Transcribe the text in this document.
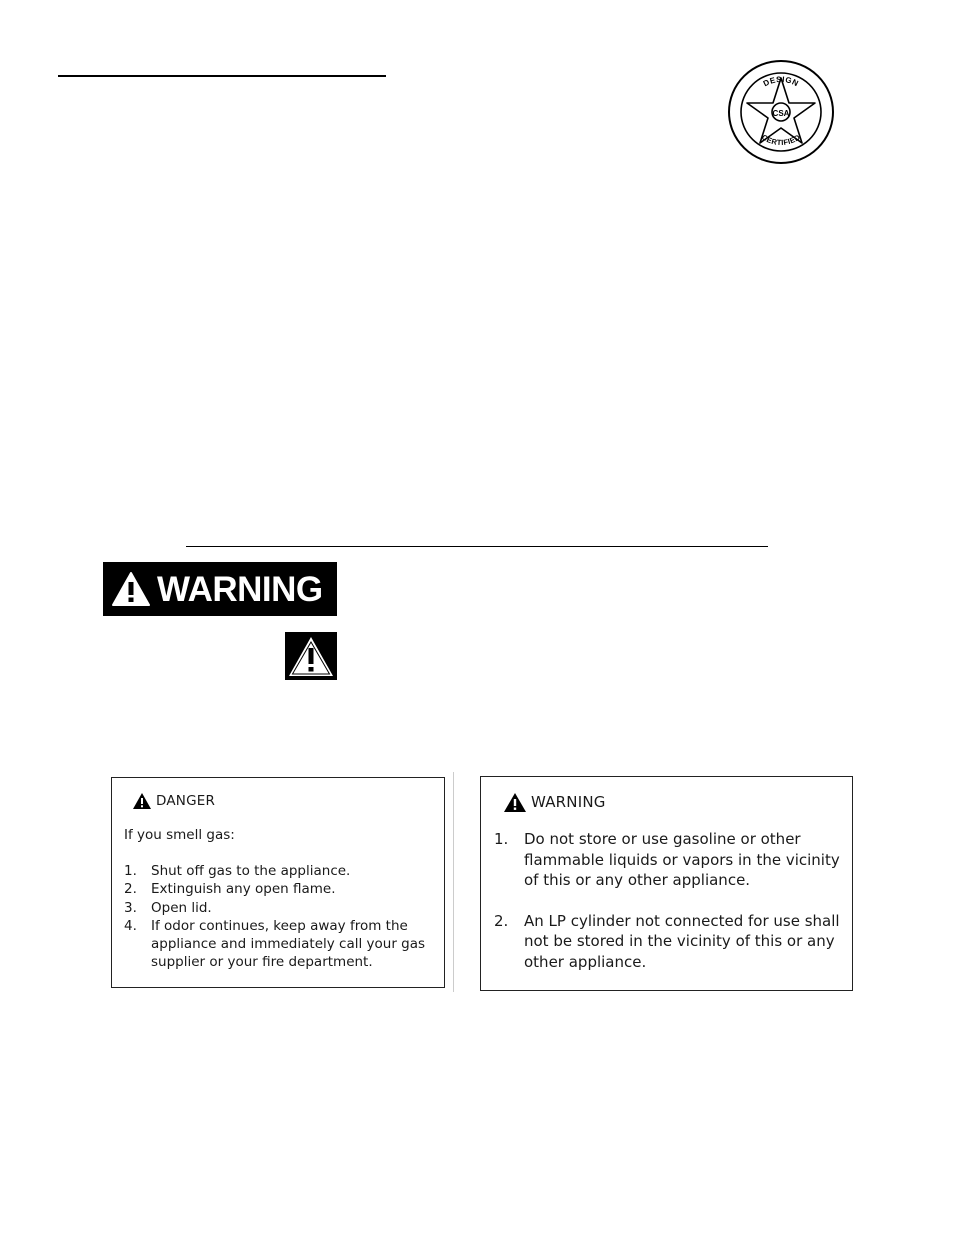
CSA
DESIGN
CERTIFIED
WARNING
DANGER
If you smell gas:
1.	Shut off gas to the appliance.
2.	Extinguish any open flame.
3.	Open lid.
4.	If odor continues, keep away from the appliance and immediately call your gas supplier or your fire department.
WARNING
1.	Do not store or use gasoline or other flammable liquids or vapors in the vicinity of this or any other appliance.
2.	An LP cylinder not connected for use shall not be stored in the vicinity of this or any other appliance.
